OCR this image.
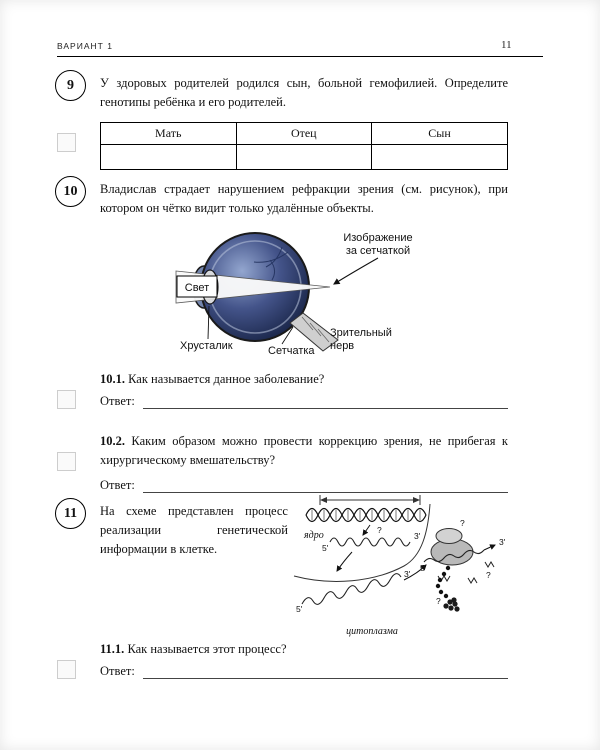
ВАРИАНТ 1	11
9	У здоровых родителей родился сын, больной гемофилией. Определите генотипы ребёнка и его родителей.
Мать	Отец	Сын

10	Владислав страдает нарушением рефракции зрения (см. рисунок), при котором он чётко видит только удалённые объекты.
Свет
Изображение
за сетчаткой
Зрительный
нерв
Хрусталик	Сетчатка
10.1. Как называется данное заболевание?
Ответ:
10.2. Каким образом можно провести коррекцию зрения, не прибегая к хирургическому вмешательству?
Ответ:
11	На схеме представлен процесс реализации генетической информации в клетке.
ядро	?
5'
3'
5'
3'
?
3'
5'
?
?
цитоплазма
11.1. Как называется этот процесс?
Ответ:
